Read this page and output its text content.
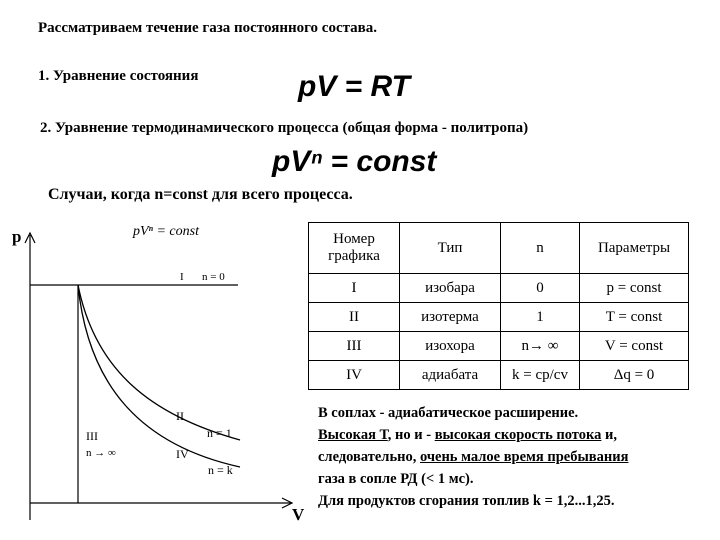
Рассматриваем течение газа постоянного состава.
1. Уравнение состояния	pV = RT
2. Уравнение термодинамического процесса (общая форма - политропа)
pVⁿ = const
Случаи, когда n=const для всего процесса.
p
V
pVⁿ = const
I n = 0
II
n = 1
III
n → ∞	IV
n = k
Номер графика	Тип	n	Параметры
I	изобара	0	p = const
II	изотерма	1	T = const
III	изохора	n→ ∞	V = const
IV	адиабата	k = cp/cv	Δq = 0
В соплах - адиабатическое расширение.
Высокая Т, но и - высокая скорость потока и,
следовательно, очень малое время пребывания
газа в сопле РД (< 1 мс).
Для продуктов сгорания топлив k = 1,2...1,25.
